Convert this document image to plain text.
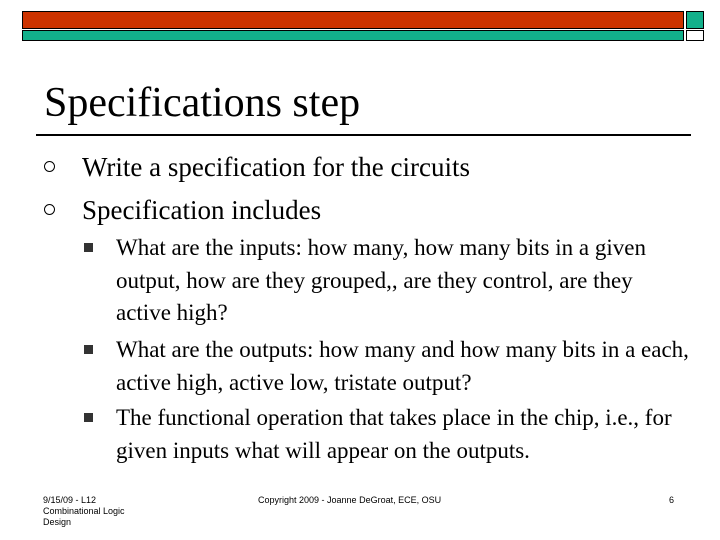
Specifications step
Write a specification for the circuits
Specification includes
What are the inputs: how many, how many bits in a given output, how are they grouped,, are they control, are they active high?
What are the outputs: how many and how many bits in a each, active high, active low, tristate output?
The functional operation that takes place in the chip, i.e., for given inputs what will appear on the outputs.
9/15/09 - L12 Combinational Logic Design
Copyright 2009 - Joanne DeGroat, ECE, OSU	6
